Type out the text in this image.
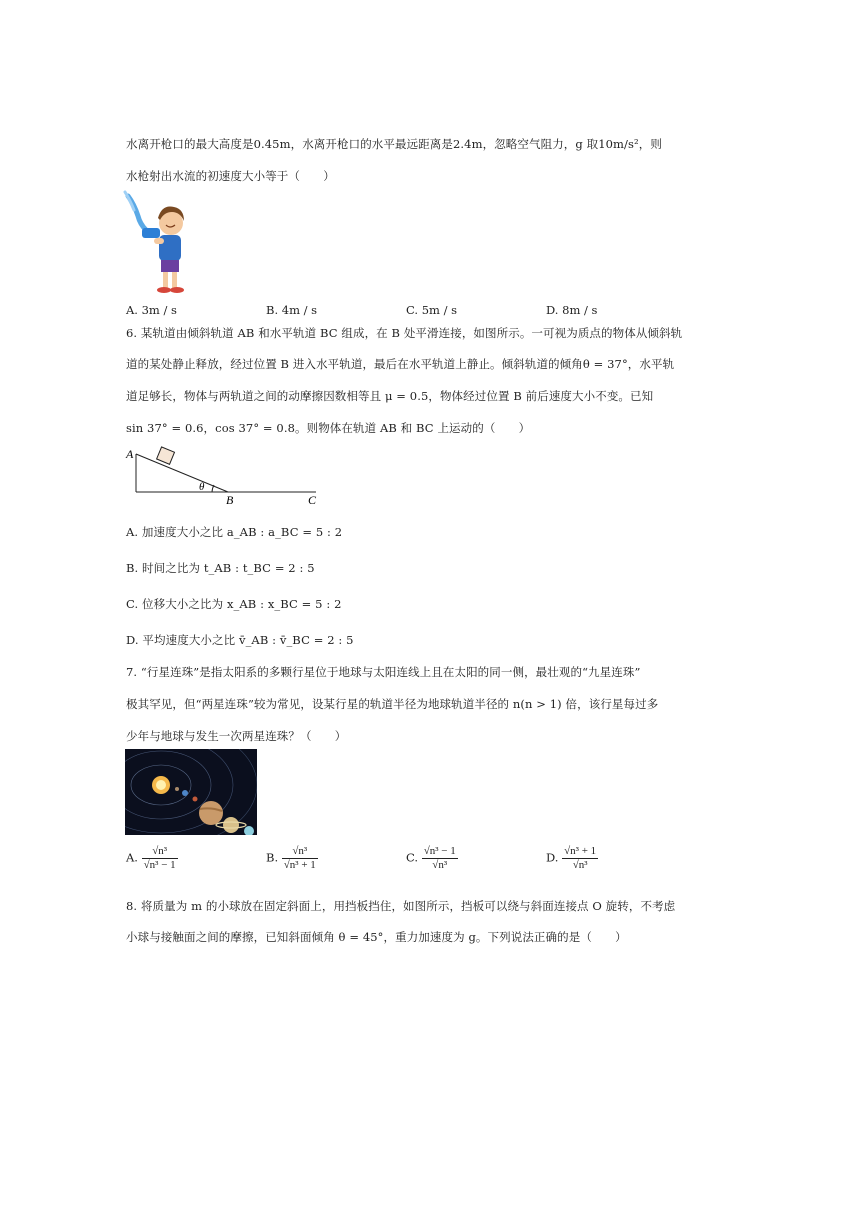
水离开枪口的最大高度是0.45m，水离开枪口的水平最远距离是2.4m，忽略空气阻力，g 取10m/s²，则
水枪射出水流的初速度大小等于（　　）
A. 3m / s	B. 4m / s	C. 5m / s	D. 8m / s
6. 某轨道由倾斜轨道 AB 和水平轨道 BC 组成，在 B 处平滑连接，如图所示。一可视为质点的物体从倾斜轨
道的某处静止释放，经过位置 B 进入水平轨道，最后在水平轨道上静止。倾斜轨道的倾角θ = 37°，水平轨
道足够长，物体与两轨道之间的动摩擦因数相等且 μ = 0.5，物体经过位置 B 前后速度大小不变。已知
sin 37° = 0.6，cos 37° = 0.8。则物体在轨道 AB 和 BC 上运动的（　　）
A
B	C
θ
A. 加速度大小之比 a_AB : a_BC = 5 : 2
B. 时间之比为 t_AB : t_BC = 2 : 5
C. 位移大小之比为 x_AB : x_BC = 5 : 2
D. 平均速度大小之比 v̄_AB : v̄_BC = 2 : 5
7. “行星连珠”是指太阳系的多颗行星位于地球与太阳连线上且在太阳的同一侧，最壮观的“九星连珠”
极其罕见，但“两星连珠”较为常见，设某行星的轨道半径为地球轨道半径的 n(n > 1) 倍，该行星每过多
少年与地球与发生一次两星连珠？（　　）
A. $\frac{\text{√n³}}{\text{√n³ − 1}}$	B. $\frac{\text{√n³}}{\text{√n³ + 1}}$	C. $\frac{\text{√n³ − 1}}{\text{√n³}}$	D. $\frac{\text{√n³ + 1}}{\text{√n³}}$
8. 将质量为 m 的小球放在固定斜面上，用挡板挡住，如图所示，挡板可以绕与斜面连接点 O 旋转，不考虑
小球与接触面之间的摩擦，已知斜面倾角 θ = 45°，重力加速度为 g。下列说法正确的是（　　）
